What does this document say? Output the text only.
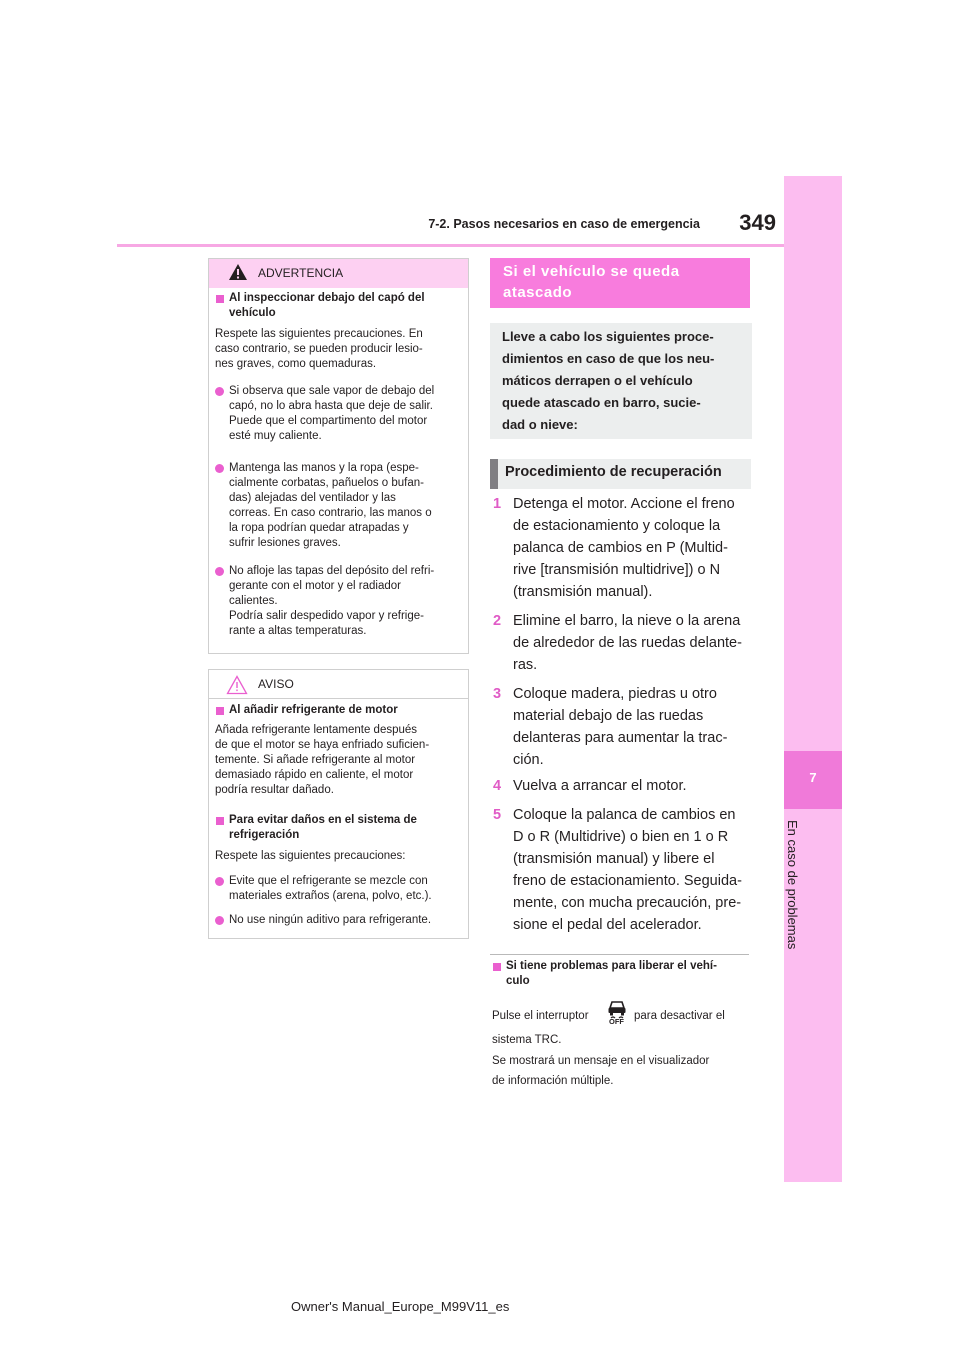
7-2. Pasos necesarios en caso de emergencia	349
7
En caso de problemas
ADVERTENCIA
Al inspeccionar debajo del capó del
vehículo
Respete las siguientes precauciones. En
caso contrario, se pueden producir lesio-
nes graves, como quemaduras.
Si observa que sale vapor de debajo del
capó, no lo abra hasta que deje de salir.
Puede que el compartimento del motor
esté muy caliente.
Mantenga las manos y la ropa (espe-
cialmente corbatas, pañuelos o bufan-
das) alejadas del ventilador y las
correas. En caso contrario, las manos o
la ropa podrían quedar atrapadas y
sufrir lesiones graves.
No afloje las tapas del depósito del refri-
gerante con el motor y el radiador
calientes.
Podría salir despedido vapor y refrige-
rante a altas temperaturas.
AVISO
Al añadir refrigerante de motor
Añada refrigerante lentamente después
de que el motor se haya enfriado suficien-
temente. Si añade refrigerante al motor
demasiado rápido en caliente, el motor
podría resultar dañado.
Para evitar daños en el sistema de
refrigeración
Respete las siguientes precauciones:
Evite que el refrigerante se mezcle con
materiales extraños (arena, polvo, etc.).
No use ningún aditivo para refrigerante.
Si el vehículo se queda
atascado
Lleve a cabo los siguientes proce-
dimientos en caso de que los neu-
máticos derrapen o el vehículo
quede atascado en barro, sucie-
dad o nieve:
Procedimiento de recuperación
1 Detenga el motor. Accione el freno
de estacionamiento y coloque la
palanca de cambios en P (Multid-
rive [transmisión multidrive]) o N
(transmisión manual).
2 Elimine el barro, la nieve o la arena
de alrededor de las ruedas delante-
ras.
3 Coloque madera, piedras u otro
material debajo de las ruedas
delanteras para aumentar la trac-
ción.
4 Vuelva a arrancar el motor.
5 Coloque la palanca de cambios en
D o R (Multidrive) o bien en 1 o R
(transmisión manual) y libere el
freno de estacionamiento. Seguida-
mente, con mucha precaución, pre-
sione el pedal del acelerador.
Si tiene problemas para liberar el vehí-
culo
Pulse el interruptor	OFF para desactivar el
sistema TRC.
Se mostrará un mensaje en el visualizador
de información múltiple.
Owner's Manual_Europe_M99V11_es
